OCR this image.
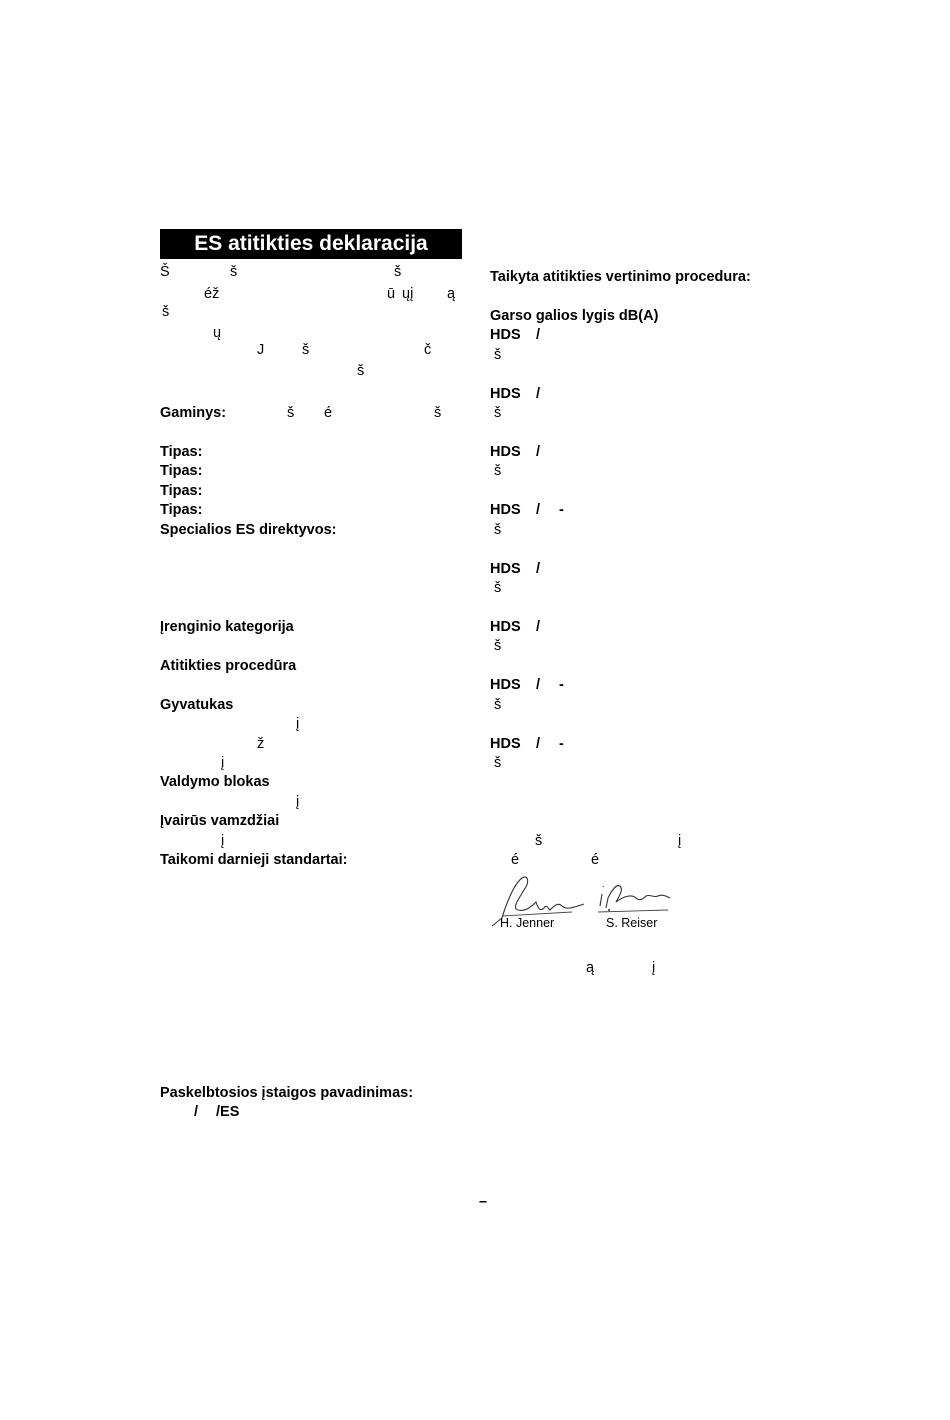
ES atitikties deklaracija
Š	š	š
éž	ū ųį ą
š
ų
J	š	č
š
Gaminys:	š é	š
Tipas:
Tipas:
Tipas:
Tipas:
Specialios ES direktyvos:
Įrenginio kategorija
Atitikties procedūra
Gyvatukas
į
ž
į
Valdymo blokas
į
Įvairūs vamzdžiai
į
Taikomi darnieji standartai:
Paskelbtosios įstaigos pavadinimas:
/ /ES
Taikyta atitikties vertinimo procedura:
Garso galios lygis dB(A)
HDS /
š
HDS /
š
HDS /
š
HDS / -
š
HDS /
š
HDS /
š
HDS / -
š
HDS / -
š
š	į
é	é
H. Jenner	S. Reiser
ą	į
–
